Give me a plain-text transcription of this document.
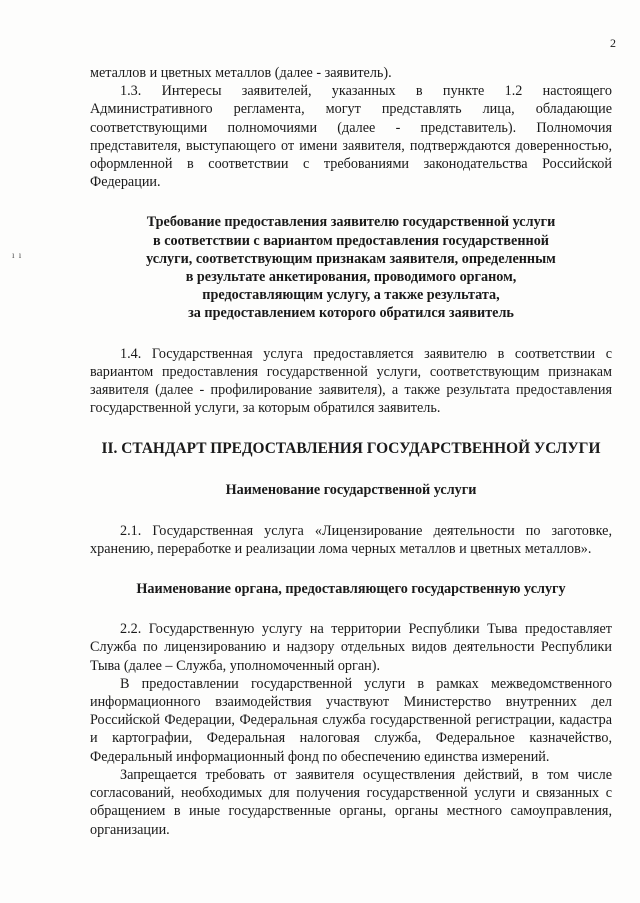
2
ı ı

металлов и цветных металлов (далее - заявитель).

1.3. Интересы заявителей, указанных в пункте 1.2 настоящего Административного регламента, могут представлять лица, обладающие соответствующими полномочиями (далее - представитель). Полномочия представителя, выступающего от имени заявителя, подтверждаются доверенностью, оформленной в соответствии с требованиями законодательства Российской Федерации.

Требование предоставления заявителю государственной услуги
в соответствии с вариантом предоставления государственной
услуги, соответствующим признакам заявителя, определенным
в результате анкетирования, проводимого органом,
предоставляющим услугу, а также результата,
за предоставлением которого обратился заявитель

1.4. Государственная услуга предоставляется заявителю в соответствии с вариантом предоставления государственной услуги, соответствующим признакам заявителя (далее - профилирование заявителя), а также результата предоставления государственной услуги, за которым обратился заявитель.

II. СТАНДАРТ ПРЕДОСТАВЛЕНИЯ ГОСУДАРСТВЕННОЙ УСЛУГИ
Наименование государственной услуги

2.1. Государственная услуга «Лицензирование деятельности по заготовке, хранению, переработке и реализации лома черных металлов и цветных металлов».

Наименование органа, предоставляющего государственную услугу

2.2. Государственную услугу на территории Республики Тыва предоставляет Служба по лицензированию и надзору отдельных видов деятельности Республики Тыва (далее – Служба, уполномоченный орган).

В предоставлении государственной услуги в рамках межведомственного информационного взаимодействия участвуют Министерство внутренних дел Российской Федерации, Федеральная служба государственной регистрации, кадастра и картографии, Федеральная налоговая служба, Федеральное казначейство, Федеральный информационный фонд по обеспечению единства измерений.

Запрещается требовать от заявителя осуществления действий, в том числе согласований, необходимых для получения государственной услуги и связанных с обращением в иные государственные органы, органы местного самоуправления, организации.
